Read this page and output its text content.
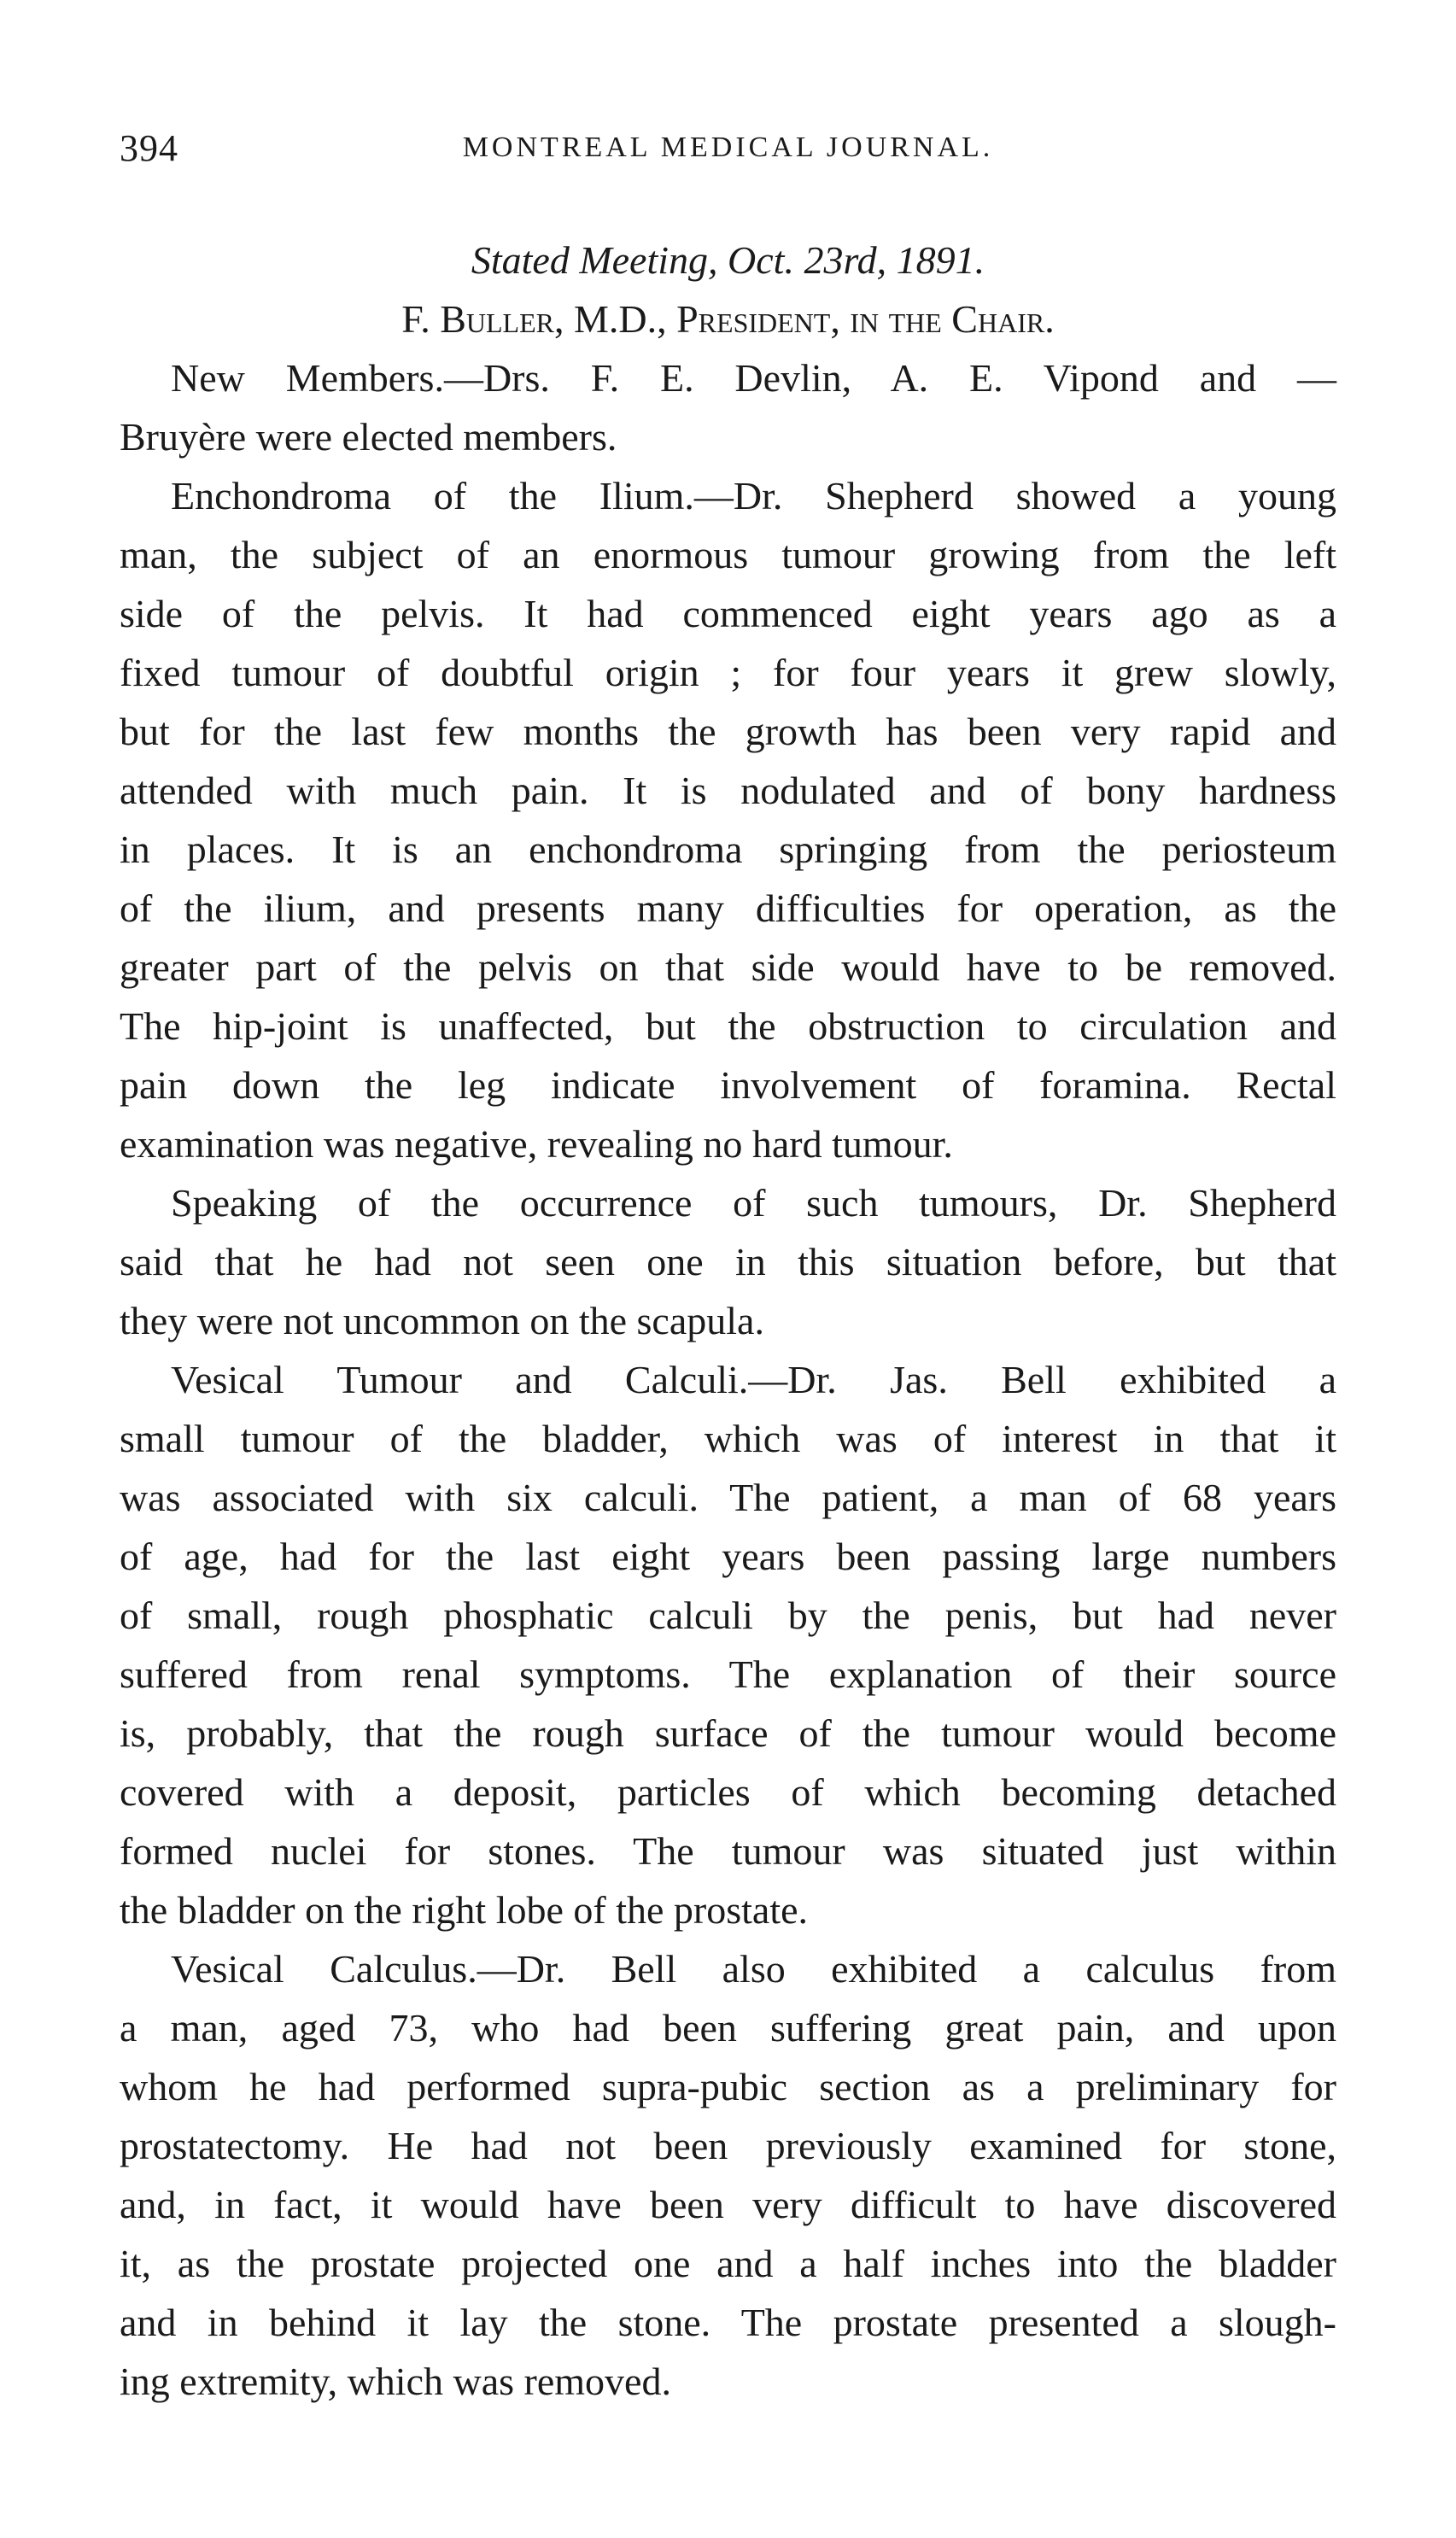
394	MONTREAL MEDICAL JOURNAL.
Stated Meeting, Oct. 23rd, 1891.
F. Buller, M.D., President, in the Chair.
New Members.—Drs. F. E. Devlin, A. E. Vipond and —
Bruyère were elected members.
Enchondroma of the Ilium.—Dr. Shepherd showed a young
man, the subject of an enormous tumour growing from the left
side of the pelvis. It had commenced eight years ago as a
fixed tumour of doubtful origin ; for four years it grew slowly,
but for the last few months the growth has been very rapid and
attended with much pain. It is nodulated and of bony hardness
in places. It is an enchondroma springing from the periosteum
of the ilium, and presents many difficulties for operation, as the
greater part of the pelvis on that side would have to be removed.
The hip-joint is unaffected, but the obstruction to circulation and
pain down the leg indicate involvement of foramina. Rectal
examination was negative, revealing no hard tumour.
Speaking of the occurrence of such tumours, Dr. Shepherd
said that he had not seen one in this situation before, but that
they were not uncommon on the scapula.
Vesical Tumour and Calculi.—Dr. Jas. Bell exhibited a
small tumour of the bladder, which was of interest in that it
was associated with six calculi. The patient, a man of 68 years
of age, had for the last eight years been passing large numbers
of small, rough phosphatic calculi by the penis, but had never
suffered from renal symptoms. The explanation of their source
is, probably, that the rough surface of the tumour would become
covered with a deposit, particles of which becoming detached
formed nuclei for stones. The tumour was situated just within
the bladder on the right lobe of the prostate.
Vesical Calculus.—Dr. Bell also exhibited a calculus from
a man, aged 73, who had been suffering great pain, and upon
whom he had performed supra-pubic section as a preliminary for
prostatectomy. He had not been previously examined for stone,
and, in fact, it would have been very difficult to have discovered
it, as the prostate projected one and a half inches into the bladder
and in behind it lay the stone. The prostate presented a slough-
ing extremity, which was removed.
